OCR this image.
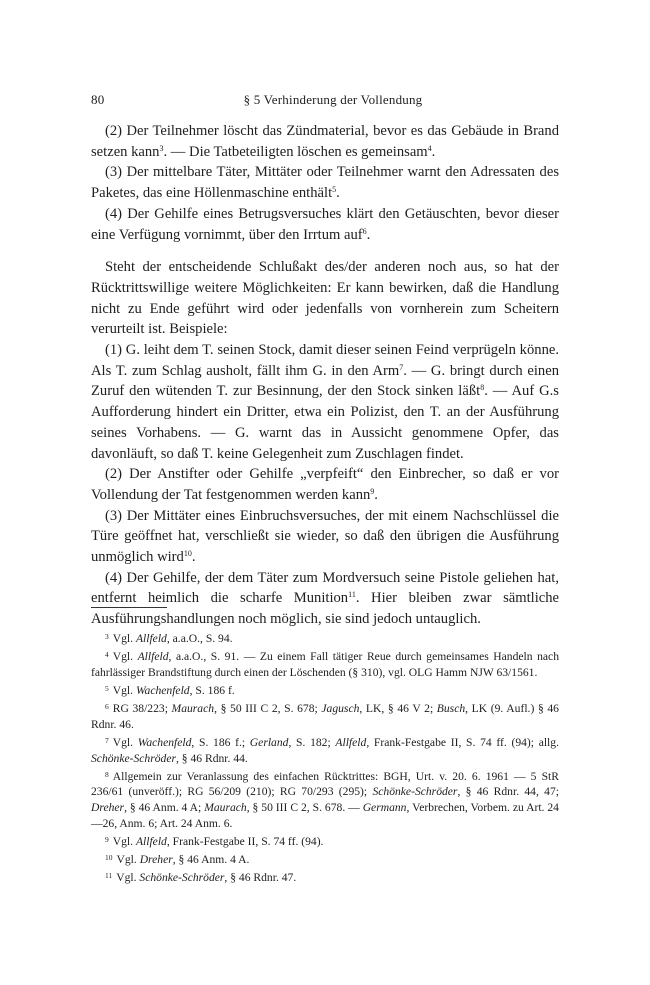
80	§ 5 Verhinderung der Vollendung

(2) Der Teilnehmer löscht das Zündmaterial, bevor es das Gebäude in Brand setzen kann$^3$. — Die Tatbeteiligten löschen es gemeinsam$^4$.

(3) Der mittelbare Täter, Mittäter oder Teilnehmer warnt den Adressaten des Paketes, das eine Höllenmaschine enthält$^5$.

(4) Der Gehilfe eines Betrugsversuches klärt den Getäuschten, bevor dieser eine Verfügung vornimmt, über den Irrtum auf$^6$.

Steht der entscheidende Schlußakt des/der anderen noch aus, so hat der Rücktrittswillige weitere Möglichkeiten: Er kann bewirken, daß die Handlung nicht zu Ende geführt wird oder jedenfalls von vornherein zum Scheitern verurteilt ist. Beispiele:

(1) G. leiht dem T. seinen Stock, damit dieser seinen Feind verprügeln könne. Als T. zum Schlag ausholt, fällt ihm G. in den Arm$^7$. — G. bringt durch einen Zuruf den wütenden T. zur Besinnung, der den Stock sinken läßt$^8$. — Auf G.s Aufforderung hindert ein Dritter, etwa ein Polizist, den T. an der Ausführung seines Vorhabens. — G. warnt das in Aussicht genommene Opfer, das davonläuft, so daß T. keine Gelegenheit zum Zuschlagen findet.

(2) Der Anstifter oder Gehilfe „verpfeift“ den Einbrecher, so daß er vor Vollendung der Tat festgenommen werden kann$^9$.

(3) Der Mittäter eines Einbruchsversuches, der mit einem Nachschlüssel die Türe geöffnet hat, verschließt sie wieder, so daß den übrigen die Ausführung unmöglich wird$^{10}$.

(4) Der Gehilfe, der dem Täter zum Mordversuch seine Pistole geliehen hat, entfernt heimlich die scharfe Munition$^{11}$. Hier bleiben zwar sämtliche Ausführungshandlungen noch möglich, sie sind jedoch untauglich.

$^3$ Vgl. Allfeld, a.a.O., S. 94.

$^4$ Vgl. Allfeld, a.a.O., S. 91. — Zu einem Fall tätiger Reue durch gemeinsames Handeln nach fahrlässiger Brandstiftung durch einen der Löschenden (§ 310), vgl. OLG Hamm NJW 63/1561.

$^5$ Vgl. Wachenfeld, S. 186 f.

$^6$ RG 38/223; Maurach, § 50 III C 2, S. 678; Jagusch, LK, § 46 V 2; Busch, LK (9. Aufl.) § 46 Rdnr. 46.

$^7$ Vgl. Wachenfeld, S. 186 f.; Gerland, S. 182; Allfeld, Frank-Festgabe II, S. 74 ff. (94); allg. Schönke-Schröder, § 46 Rdnr. 44.

$^8$ Allgemein zur Veranlassung des einfachen Rücktrittes: BGH, Urt. v. 20. 6. 1961 — 5 StR 236/61 (unveröff.); RG 56/209 (210); RG 70/293 (295); Schönke-Schröder, § 46 Rdnr. 44, 47; Dreher, § 46 Anm. 4 A; Maurach, § 50 III C 2, S. 678. — Germann, Verbrechen, Vorbem. zu Art. 24—26, Anm. 6; Art. 24 Anm. 6.

$^9$ Vgl. Allfeld, Frank-Festgabe II, S. 74 ff. (94).

$^{10}$ Vgl. Dreher, § 46 Anm. 4 A.

$^{11}$ Vgl. Schönke-Schröder, § 46 Rdnr. 47.
